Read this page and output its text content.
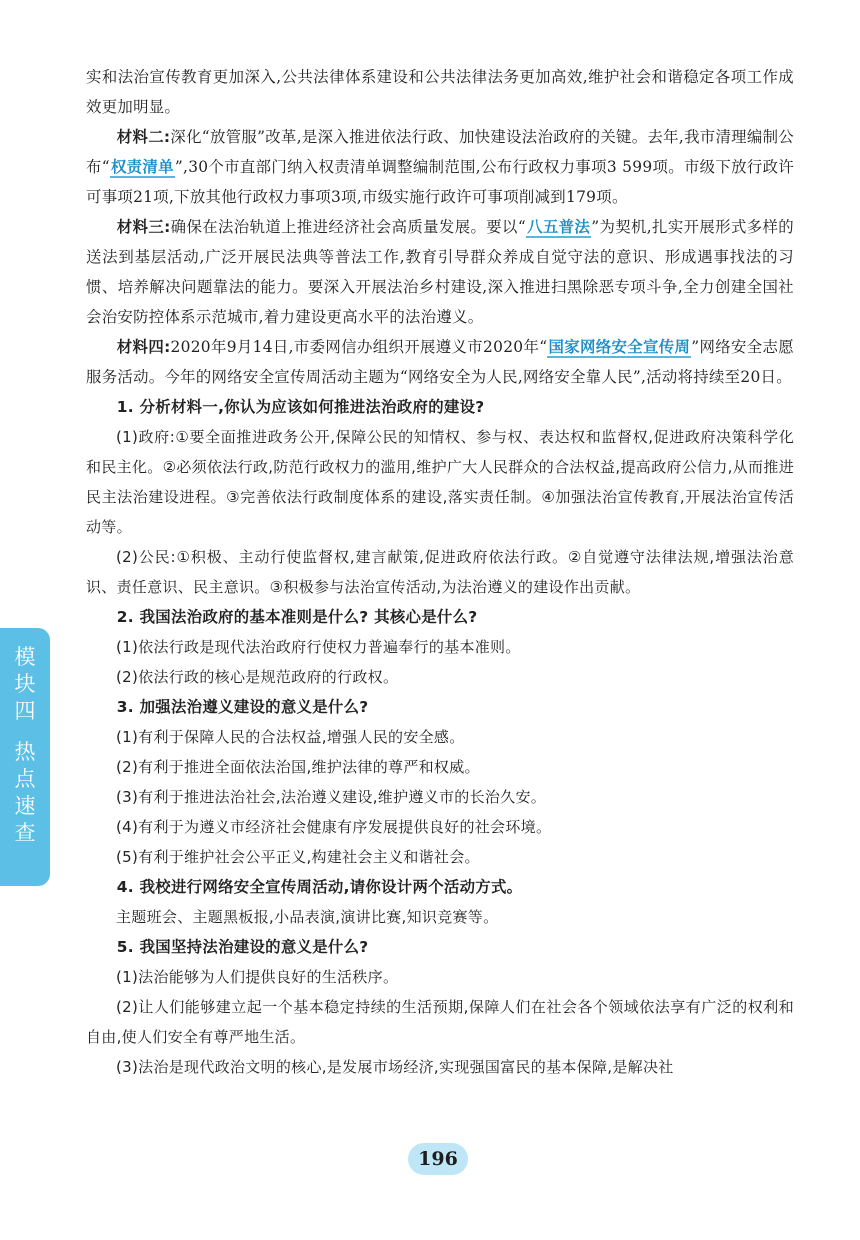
实和法治宣传教育更加深入,公共法律体系建设和公共法律法务更加高效,维护社会和谐稳定各项工作成效更加明显。

材料二:深化“放管服”改革,是深入推进依法行政、加快建设法治政府的关键。去年,我市清理编制公布“权责清单”,30个市直部门纳入权责清单调整编制范围,公布行政权力事项3 599项。市级下放行政许可事项21项,下放其他行政权力事项3项,市级实施行政许可事项削减到179项。

材料三:确保在法治轨道上推进经济社会高质量发展。要以“八五普法”为契机,扎实开展形式多样的送法到基层活动,广泛开展民法典等普法工作,教育引导群众养成自觉守法的意识、形成遇事找法的习惯、培养解决问题靠法的能力。要深入开展法治乡村建设,深入推进扫黑除恶专项斗争,全力创建全国社会治安防控体系示范城市,着力建设更高水平的法治遵义。

材料四:2020年9月14日,市委网信办组织开展遵义市2020年“国家网络安全宣传周”网络安全志愿服务活动。今年的网络安全宣传周活动主题为“网络安全为人民,网络安全靠人民”,活动将持续至20日。

1. 分析材料一,你认为应该如何推进法治政府的建设?

(1)政府:①要全面推进政务公开,保障公民的知情权、参与权、表达权和监督权,促进政府决策科学化和民主化。②必须依法行政,防范行政权力的滥用,维护广大人民群众的合法权益,提高政府公信力,从而推进民主法治建设进程。③完善依法行政制度体系的建设,落实责任制。④加强法治宣传教育,开展法治宣传活动等。

(2)公民:①积极、主动行使监督权,建言献策,促进政府依法行政。②自觉遵守法律法规,增强法治意识、责任意识、民主意识。③积极参与法治宣传活动,为法治遵义的建设作出贡献。

2. 我国法治政府的基本准则是什么? 其核心是什么?

(1)依法行政是现代法治政府行使权力普遍奉行的基本准则。

(2)依法行政的核心是规范政府的行政权。

3. 加强法治遵义建设的意义是什么?

(1)有利于保障人民的合法权益,增强人民的安全感。

(2)有利于推进全面依法治国,维护法律的尊严和权威。

(3)有利于推进法治社会,法治遵义建设,维护遵义市的长治久安。

(4)有利于为遵义市经济社会健康有序发展提供良好的社会环境。

(5)有利于维护社会公平正义,构建社会主义和谐社会。

4. 我校进行网络安全宣传周活动,请你设计两个活动方式。

主题班会、主题黑板报,小品表演,演讲比赛,知识竞赛等。

5. 我国坚持法治建设的意义是什么?

(1)法治能够为人们提供良好的生活秩序。

(2)让人们能够建立起一个基本稳定持续的生活预期,保障人们在社会各个领域依法享有广泛的权利和自由,使人们安全有尊严地生活。

(3)法治是现代政治文明的核心,是发展市场经济,实现强国富民的基本保障,是解决社

模
块
四
热
点
速
查
196
